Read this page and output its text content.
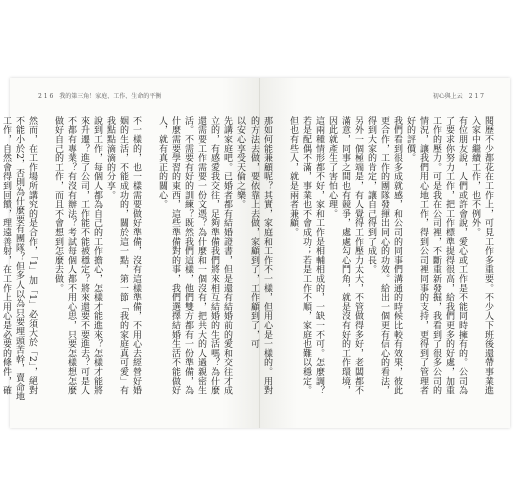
2 1 6 我的第三角！家庭、工作、生命的平衡

以安心享受天倫之樂。

先講家庭吧。已婚者都有結婚證書，但是還有結婚前的愛和交往才成立的，有感愛我交往，足夠準備我們將來相互結婚的生活嗎？為什麼還需要工作需要一份文憑？為什麼和一個沒有，把共大的人過親密生活。不需要有好的訓練？既然我們這樣，他們雙方都有一份準備，為什麼需要學習的東西，這些準備對的事，我們選擇結婚生活不能做好人，就有真正的關心。

不一樣的，也一樣需要做好準備，沒有這樣準備，不用心去經營好婚姻的生活，不能成功的，關於這一點，第一節「我的家庭真可愛」有我點點滴滴的分享。

說到工作，每個人都為自己的工作擔心，怎樣才能進來？怎樣才能將來升遷？進了公司，工作能不能被穩定？將來還要不要進去？可是人不都有專業？有沒有辦法？考試每個人都不用心思，只要怎樣想怎麼做好自己的工作，而且不會想到怎麼去做。

然而，在工作場所講究的是合作，「1」加「1」必須大於「2」，絕對不能小於2，否則為什麼要有團隊？但多人以為只要埋頭苦幹，賣命地工作，自然會得到回饋，理遠善射，在工作上用心是必要的條件，確

初心與上云 2 1 7

閱歷不少都花在工作上，可見工作多重要。不少人下班後還帶事業進入家中繼續工作，也不例外。

有位朋友說，人們或許會說，愛心或工作是不能同時擁有的。公司為了要求你努力工作，把工作標準提得很高，給我們更多的好處，加重工作的壓力。可是我在公司裡，不斷重新發掘，我看到了很多公司的情況，讓我們用心地工作，得到公司裡同事的支持，更得到了管理者好的評價。

我們看到很多成就感，和公司的同事們溝通的時候比較有效果，彼此更合作，工作的團隊發揮出同心的功效。給出一個更有信心的看法，得到大家的肯定，讓自己得到了成長。

另外一個極端是，有人覺得工作壓力太大，不管做得多好，老闆都不滿意，同事之間也有競爭，處處勾心鬥角，就是沒有好的工作環境，因此就產生了害怕心理。

這兩種情形都不好，家和工作是相輔相成的，一缺一不可。怎麼調？若是配偶不滿，事業也不會成功；若是工作不順，家庭也難以穩定。但也有些人，就是兩者兼顧。

那如何能兼顧呢？其實，家庭和工作不一樣，但用心是一樣的。用對的方法去做，要依靠上去做，家顧到了，工作顧到了，可
